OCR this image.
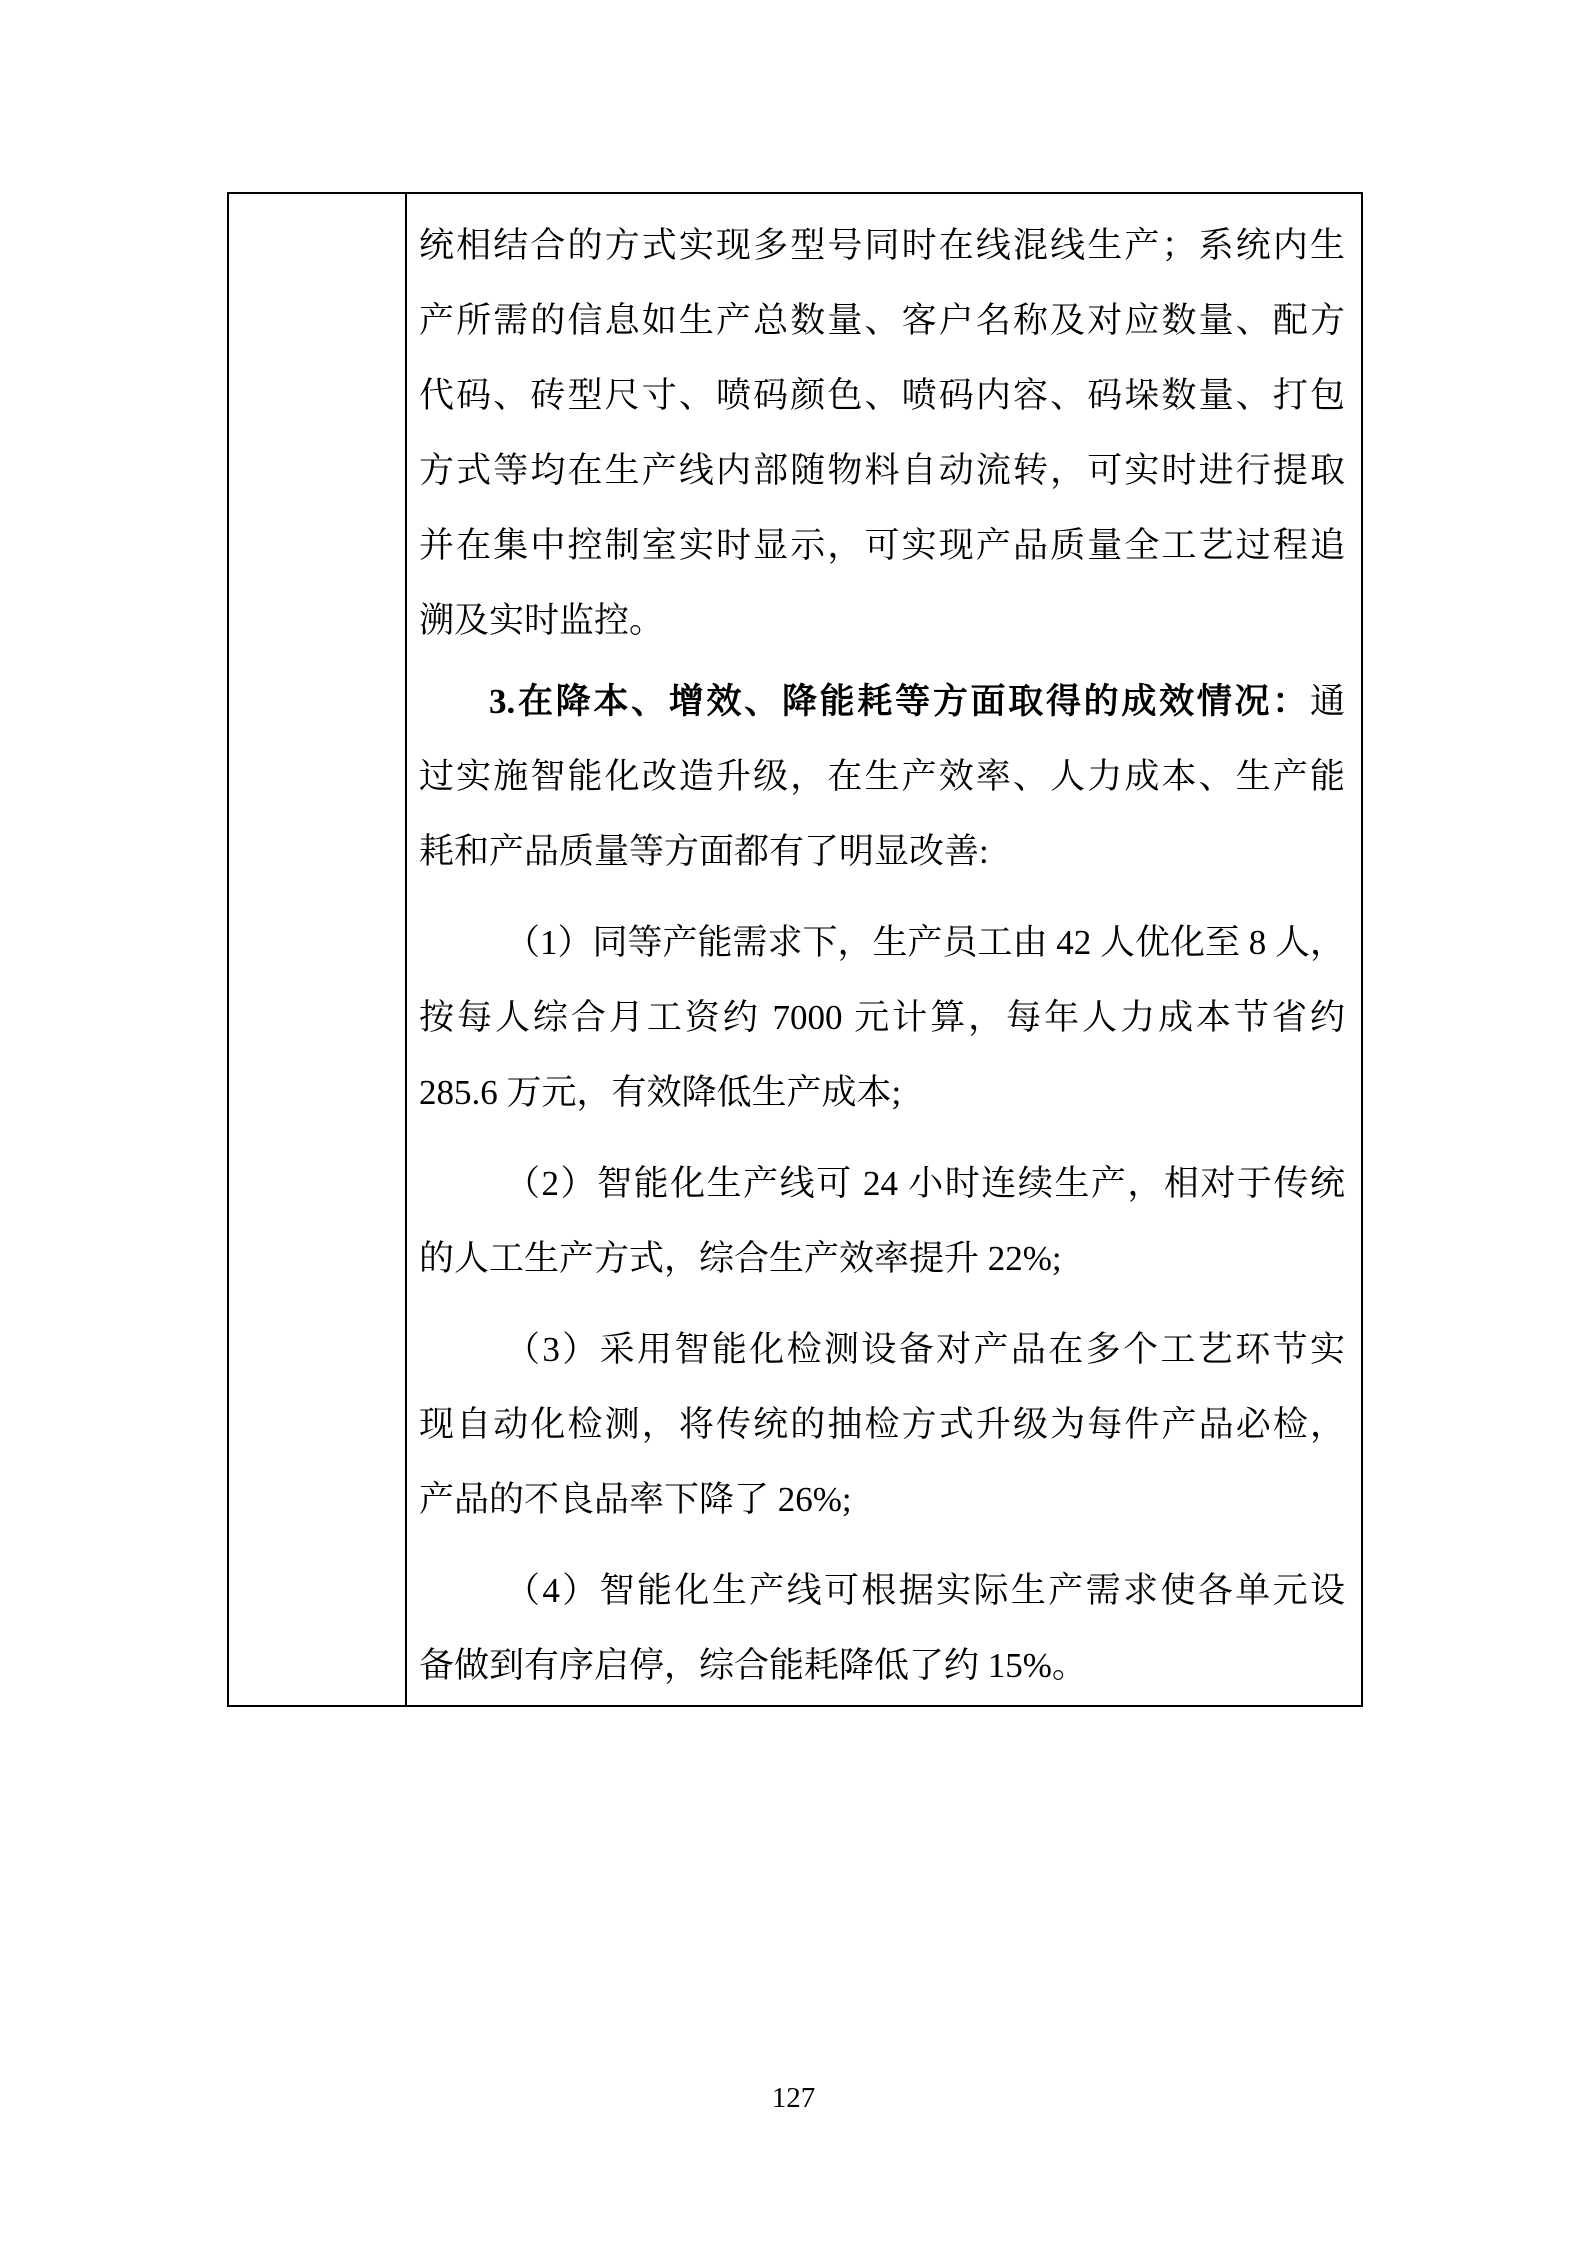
统相结合的方式实现多型号同时在线混线生产；系统内生
产所需的信息如生产总数量、客户名称及对应数量、配方
代码、砖型尺寸、喷码颜色、喷码内容、码垛数量、打包
方式等均在生产线内部随物料自动流转，可实时进行提取
并在集中控制室实时显示，可实现产品质量全工艺过程追
溯及实时监控。
3.在降本、增效、降能耗等方面取得的成效情况：通
过实施智能化改造升级，在生产效率、人力成本、生产能
耗和产品质量等方面都有了明显改善:
（1）同等产能需求下，生产员工由 42 人优化至 8 人，
按每人综合月工资约 7000 元计算，每年人力成本节省约
285.6 万元，有效降低生产成本;
（2）智能化生产线可 24 小时连续生产，相对于传统
的人工生产方式，综合生产效率提升 22%;
（3）采用智能化检测设备对产品在多个工艺环节实
现自动化检测，将传统的抽检方式升级为每件产品必检，
产品的不良品率下降了 26%;
（4）智能化生产线可根据实际生产需求使各单元设
备做到有序启停，综合能耗降低了约 15%。
127
